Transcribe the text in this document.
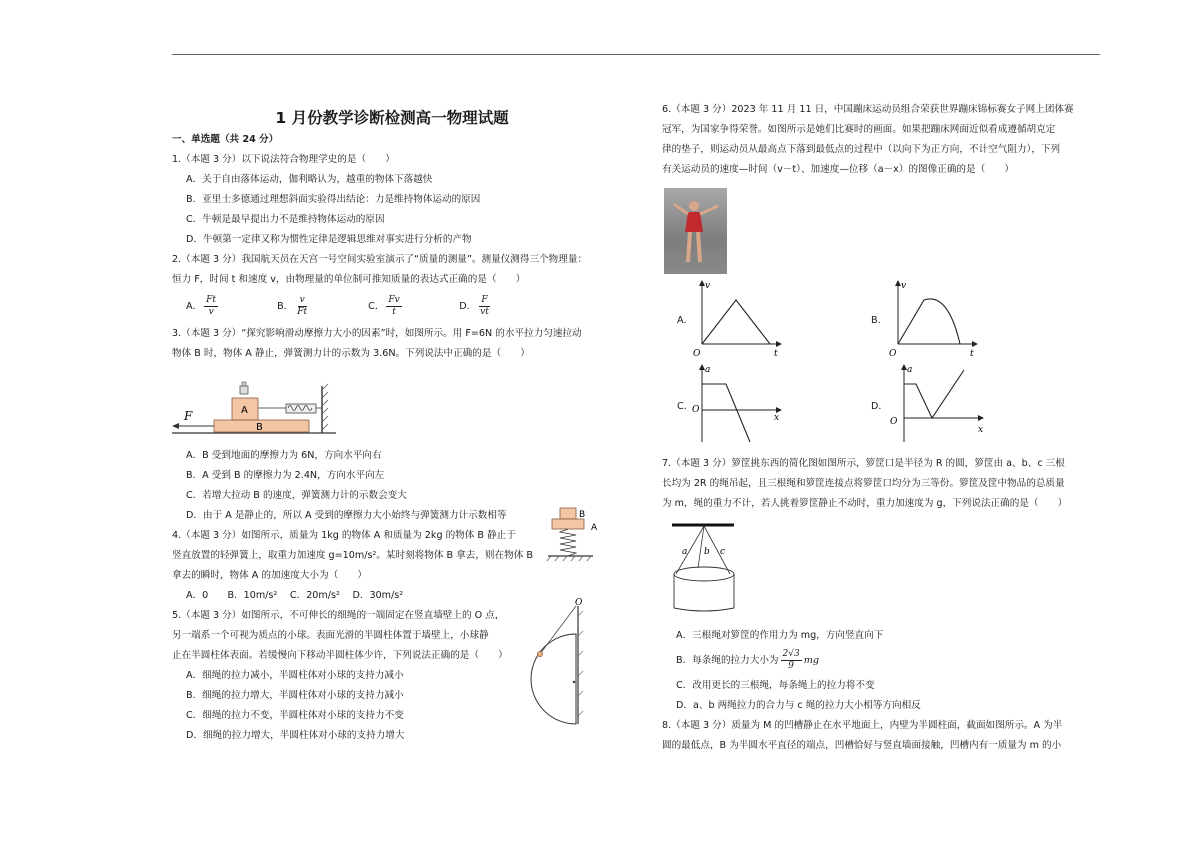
1 月份教学诊断检测高一物理试题
一、单选题（共 24 分）
1.（本题 3 分）以下说法符合物理学史的是（　　）
A．关于自由落体运动，伽利略认为，越重的物体下落越快
B．亚里士多德通过理想斜面实验得出结论：力是维持物体运动的原因
C．牛顿是最早提出力不是维持物体运动的原因
D．牛顿第一定律又称为惯性定律是逻辑思维对事实进行分析的产物
2.（本题 3 分）我国航天员在天宫一号空间实验室演示了“质量的测量”。测量仪测得三个物理量：
恒力 F，时间 t 和速度 v，由物理量的单位制可推知质量的表达式正确的是（　　）
A． $\frac{Ft}{v}$	B． $\frac{v}{Ft}$	C． $\frac{Fv}{t}$	D． $\frac{F}{vt}$
3.（本题 3 分）“探究影响滑动摩擦力大小的因素”时，如图所示。用 F=6N 的水平拉力匀速拉动
物体 B 时，物体 A 静止，弹簧测力计的示数为 3.6N。下列说法中正确的是（　　）
A．B 受到地面的摩擦力为 6N，方向水平向右
B．A 受到 B 的摩擦力为 2.4N，方向水平向左
C．若增大拉动 B 的速度，弹簧测力计的示数会变大
D．由于 A 是静止的，所以 A 受到的摩擦力大小始终与弹簧测力计示数相等
4.（本题 3 分）如图所示，质量为 1kg 的物体 A 和质量为 2kg 的物体 B 静止于
竖直放置的轻弹簧上，取重力加速度 g=10m/s²。某时刻将物体 B 拿去，则在物体 B
拿去的瞬时，物体 A 的加速度大小为（　　）
A．0　　B．10m/s²　 C．20m/s²　 D．30m/s²
5.（本题 3 分）如图所示，不可伸长的细绳的一端固定在竖直墙壁上的 O 点，
另一端系一个可视为质点的小球。表面光滑的半圆柱体置于墙壁上，小球静
止在半圆柱体表面。若缓慢向下移动半圆柱体少许，下列说法正确的是（　　）
A．细绳的拉力减小，半圆柱体对小球的支持力减小
B．细绳的拉力增大，半圆柱体对小球的支持力减小
C．细绳的拉力不变，半圆柱体对小球的支持力不变
D．细绳的拉力增大，半圆柱体对小球的支持力增大
F	A
B
B
A
O
6.（本题 3 分）2023 年 11 月 11 日，中国蹦床运动员组合荣获世界蹦床锦标赛女子网上团体赛
冠军，为国家争得荣誉。如图所示是她们比赛时的画面。如果把蹦床网面近似看成遵循胡克定
律的垫子，则运动员从最高点下落到最低点的过程中（以向下为正方向，不计空气阻力），下列
有关运动员的速度—时间（v－t）、加速度—位移（a－x）的图像正确的是（　　）
A．
v
t
O
B．
v
t
O
C．
a
x
O	D．
a
x
O
7.（本题 3 分）箩筐挑东西的简化图如图所示，箩筐口是半径为 R 的圆，箩筐由 a、b、c 三根
长均为 2R 的绳吊起，且三根绳和箩筐连接点将箩筐口均分为三等份。箩筐及筐中物品的总质量
为 m，绳的重力不计，若人挑着箩筐静止不动时，重力加速度为 g，下列说法正确的是（　　）
A．三根绳对箩筐的作用力为 mg，方向竖直向下
B．每条绳的拉力大小为 $\frac{2√3}{9}$ mg
C．改用更长的三根绳，每条绳上的拉力将不变
D．a、b 两绳拉力的合力与 c 绳的拉力大小相等方向相反
8.（本题 3 分）质量为 M 的凹槽静止在水平地面上，内壁为半圆柱面，截面如图所示。A 为半
圆的最低点，B 为半圆水平直径的端点，凹槽恰好与竖直墙面接触，凹槽内有一质量为 m 的小
a b c
